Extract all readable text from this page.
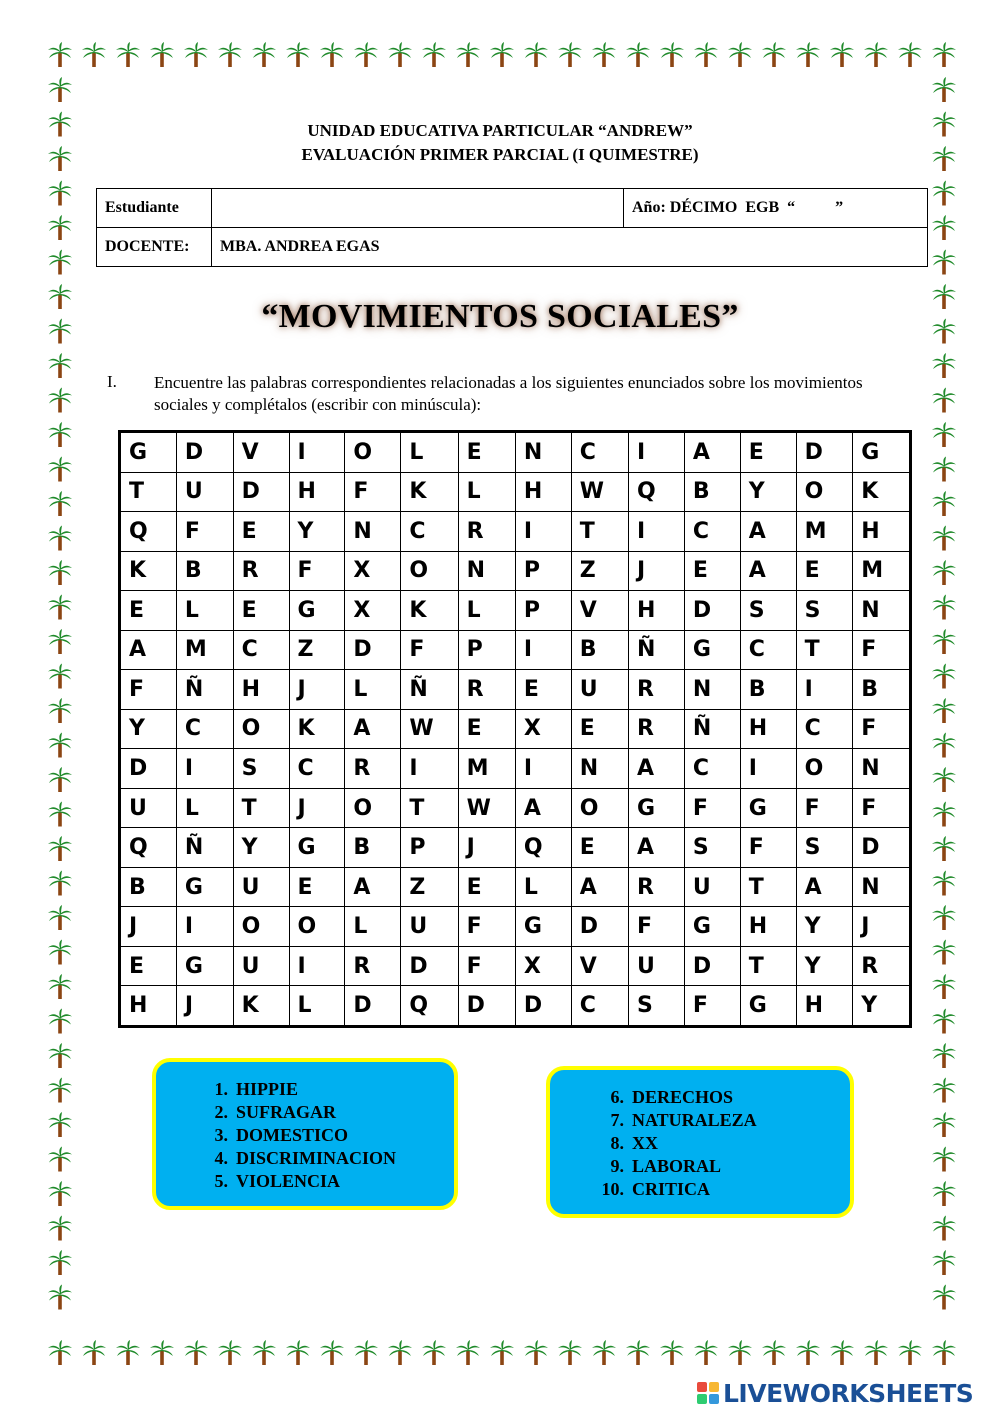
UNIDAD EDUCATIVA PARTICULAR “ANDREW”
EVALUACIÓN PRIMER PARCIAL (I QUIMESTRE)
Estudiante		Año: DÉCIMO  EGB  “          ”
DOCENTE:	MBA. ANDREA EGAS	
“MOVIMIENTOS SOCIALES”
I. Encuentre las palabras correspondientes relacionadas a los siguientes enunciados sobre los movimientos sociales y complétalos (escribir con minúscula):
G	D	V	I	O	L	E	N	C	I	A	E	D	G
T	U	D	H	F	K	L	H	W	Q	B	Y	O	K
Q	F	E	Y	N	C	R	I	T	I	C	A	M	H
K	B	R	F	X	O	N	P	Z	J	E	A	E	M
E	L	E	G	X	K	L	P	V	H	D	S	S	N
A	M	C	Z	D	F	P	I	B	Ñ	G	C	T	F
F	Ñ	H	J	L	Ñ	R	E	U	R	N	B	I	B
Y	C	O	K	A	W	E	X	E	R	Ñ	H	C	F
D	I	S	C	R	I	M	I	N	A	C	I	O	N
U	L	T	J	O	T	W	A	O	G	F	G	F	F
Q	Ñ	Y	G	B	P	J	Q	E	A	S	F	S	D
B	G	U	E	A	Z	E	L	A	R	U	T	A	N
J	I	O	O	L	U	F	G	D	F	G	H	Y	J
E	G	U	I	R	D	F	X	V	U	D	T	Y	R
H	J	K	L	D	Q	D	D	C	S	F	G	H	Y
1. HIPPIE
2. SUFRAGAR
3. DOMESTICO
4. DISCRIMINACION
5. VIOLENCIA
6. DERECHOS
7. NATURALEZA
8. XX
9. LABORAL
10. CRITICA
LIVEWORKSHEETS
